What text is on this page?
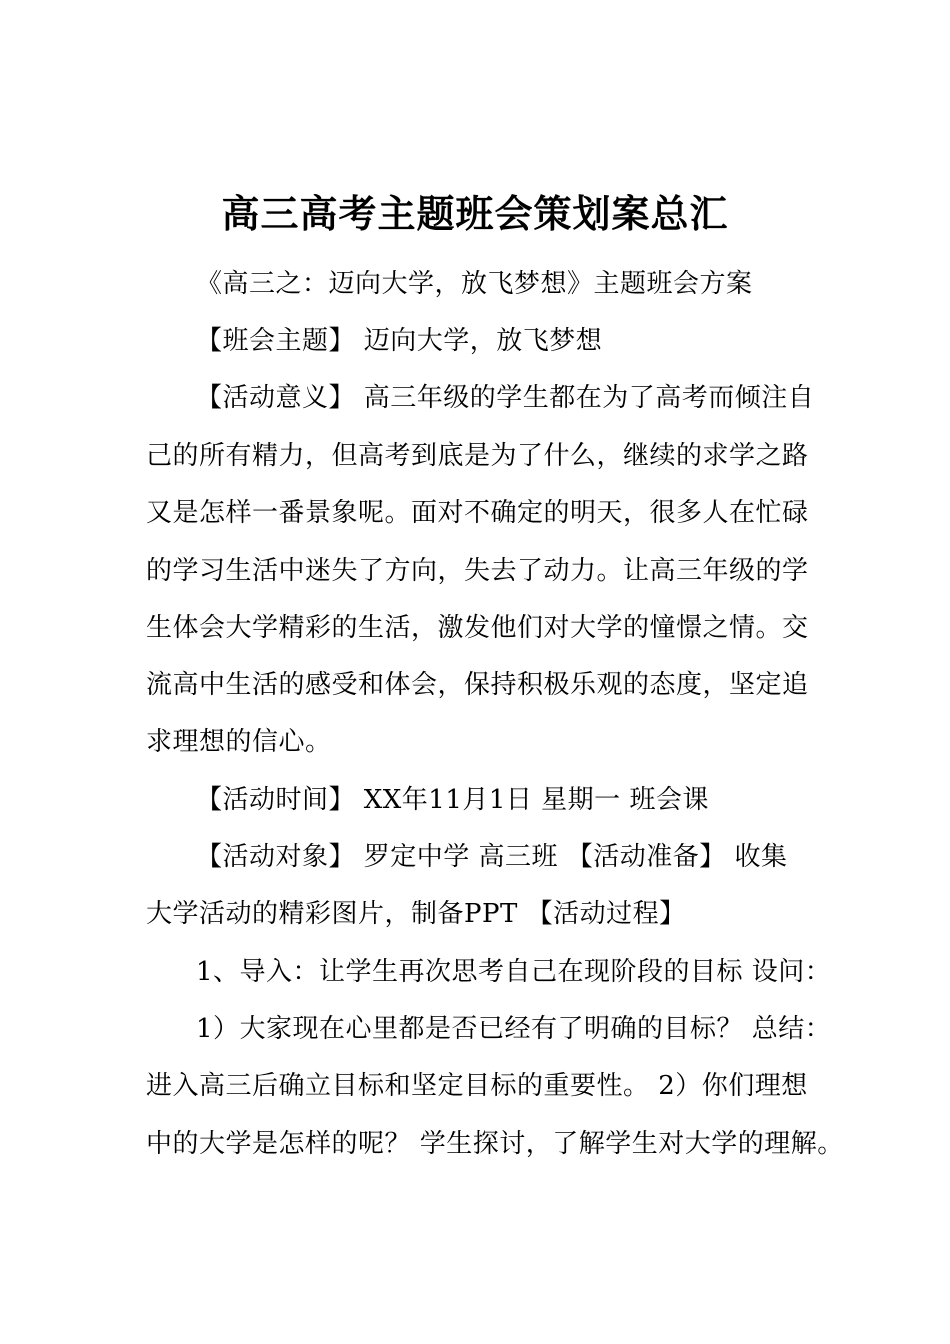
高三高考主题班会策划案总汇
《高三之：迈向大学，放飞梦想》主题班会方案
【班会主题】 迈向大学，放飞梦想
【活动意义】 高三年级的学生都在为了高考而倾注自
己的所有精力，但高考到底是为了什么，继续的求学之路
又是怎样一番景象呢。面对不确定的明天，很多人在忙碌
的学习生活中迷失了方向，失去了动力。让高三年级的学
生体会大学精彩的生活，激发他们对大学的憧憬之情。交
流高中生活的感受和体会，保持积极乐观的态度，坚定追
求理想的信心。
【活动时间】 XX年11月1日 星期一 班会课
【活动对象】 罗定中学 高三班 【活动准备】 收集
大学活动的精彩图片，制备PPT 【活动过程】
1、导入：让学生再次思考自己在现阶段的目标 设问：
1）大家现在心里都是否已经有了明确的目标？ 总结：
进入高三后确立目标和坚定目标的重要性。 2）你们理想
中的大学是怎样的呢？ 学生探讨，了解学生对大学的理解。
